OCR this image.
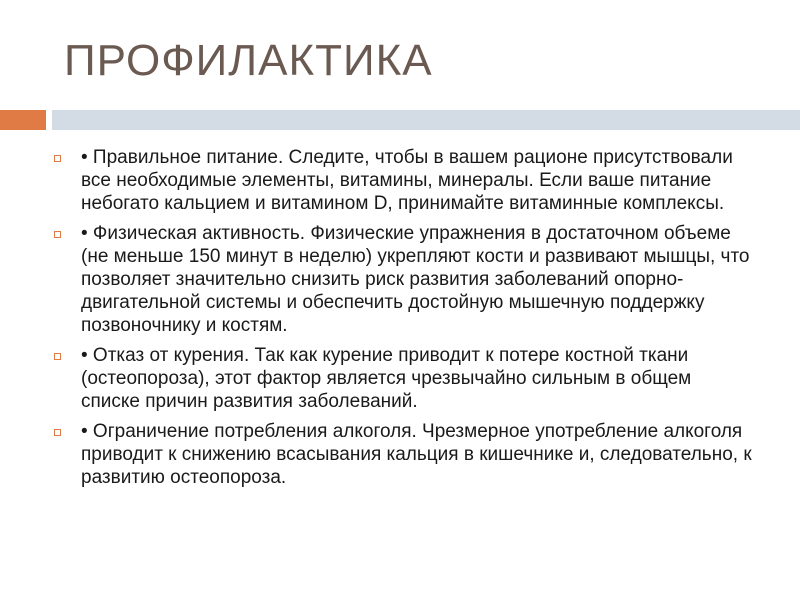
ПРОФИЛАКТИКА
• Правильное питание. Следите, чтобы в вашем рационе присутствовали все необходимые элементы, витамины, минералы. Если ваше питание небогато кальцием и витамином D, принимайте витаминные комплексы.
• Физическая активность. Физические упражнения в достаточном объеме (не меньше 150 минут в неделю) укрепляют кости и развивают мышцы, что позволяет значительно снизить риск развития заболеваний опорно-двигательной системы и обеспечить достойную мышечную поддержку позвоночнику и костям.
• Отказ от курения. Так как курение приводит к потере костной ткани (остеопороза), этот фактор является чрезвычайно сильным в общем списке причин развития заболеваний.
• Ограничение потребления алкоголя. Чрезмерное употребление алкоголя приводит к снижению всасывания кальция в кишечнике и, следовательно, к развитию остеопороза.
